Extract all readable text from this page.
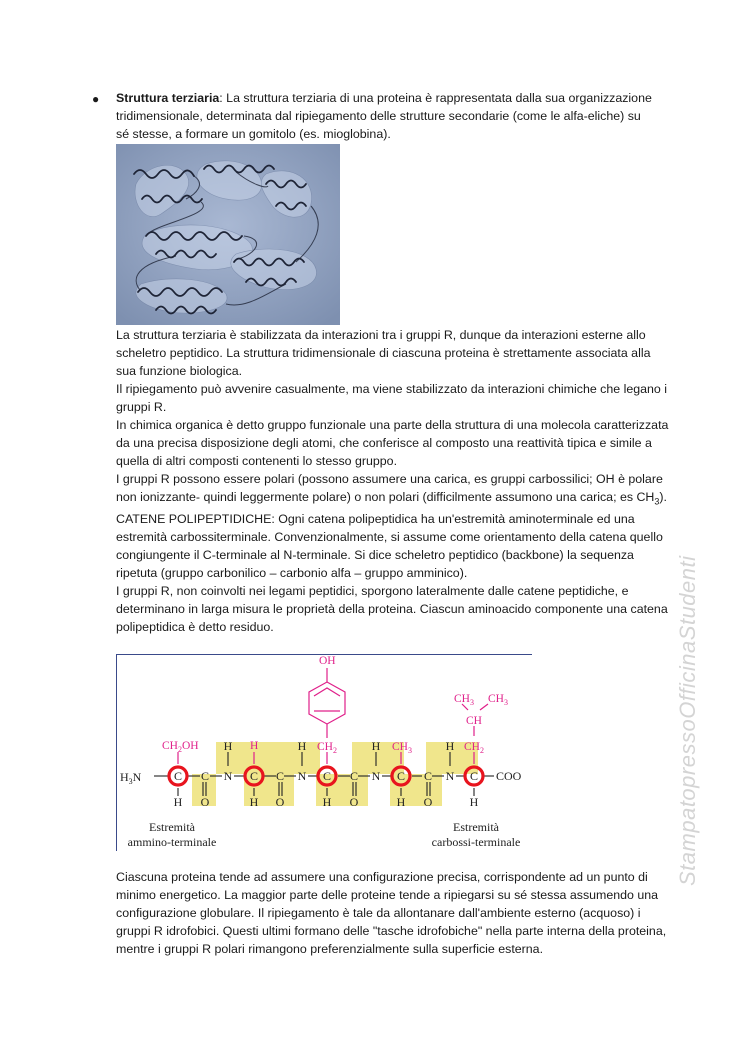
● Struttura terziaria: La struttura terziaria di una proteina è rappresentata dalla sua organizzazione tridimensionale, determinata dal ripiegamento delle strutture secondarie (come le alfa-eliche) su sé stesse, a formare un gomitolo (es. mioglobina).

La struttura terziaria è stabilizzata da interazioni tra i gruppi R, dunque da interazioni esterne allo scheletro peptidico. La struttura tridimensionale di ciascuna proteina è strettamente associata alla sua funzione biologica.

Il ripiegamento può avvenire casualmente, ma viene stabilizzato da interazioni chimiche che legano i gruppi R.

In chimica organica è detto gruppo funzionale una parte della struttura di una molecola caratterizzata da una precisa disposizione degli atomi, che conferisce al composto una reattività tipica e simile a quella di altri composti contenenti lo stesso gruppo.

I gruppi R possono essere polari (possono assumere una carica, es gruppi carbossilici; OH è polare non ionizzante- quindi leggermente polare) o non polari (difficilmente assumono una carica; es $CH_3$).

CATENE POLIPEPTIDICHE: Ogni catena polipeptidica ha un'estremità aminoterminale ed una estremità carbossiterminale. Convenzionalmente, si assume come orientamento della catena quello congiungente il C-terminale al N-terminale. Si dice scheletro peptidico (backbone) la sequenza ripetuta (gruppo carbonilico – carbonio alfa – gruppo amminico).

I gruppi R, non coinvolti nei legami peptidici, sporgono lateralmente dalle catene peptidiche, e determinano in larga misura le proprietà della proteina. Ciascun aminoacido componente una catena polipeptidica è detto residuo.

C	C	C	C	C
C	C	C	C
N	N	N	N
H	H	H	H
O	O	O	O
H	H	H	H	H
$H_3N$	COO
$CH_2OH$	H
OH
$CH_2$	$CH_3$	$CH_2$
CH
$CH_3$ $CH_3$
Estremità
ammino-terminale
Estremità
carbossi-terminale

Ciascuna proteina tende ad assumere una configurazione precisa, corrispondente ad un punto di minimo energetico. La maggior parte delle proteine tende a ripiegarsi su sé stessa assumendo una configurazione globulare. Il ripiegamento è tale da allontanare dall'ambiente esterno (acquoso) i gruppi R idrofobici. Questi ultimi formano delle "tasche idrofobiche" nella parte interna della proteina, mentre i gruppi R polari rimangono preferenzialmente sulla superficie esterna.

StampatopressoOfficinaStudenti
